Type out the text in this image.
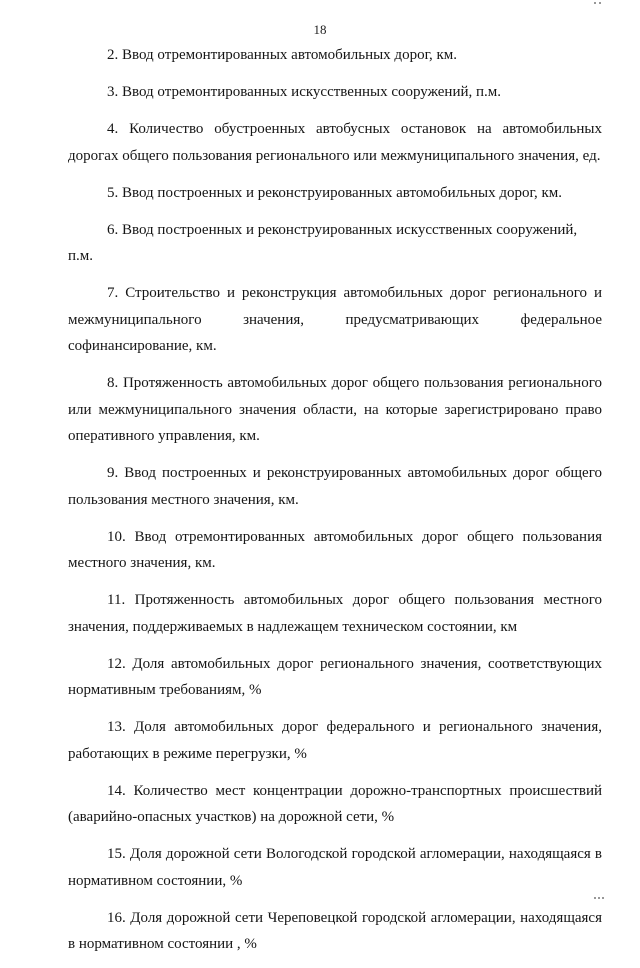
18

2. Ввод отремонтированных автомобильных дорог, км.

3. Ввод отремонтированных искусственных сооружений, п.м.

4. Количество обустроенных автобусных остановок на автомобильных дорогах общего пользования регионального или межмуниципального значения, ед.

5. Ввод построенных и реконструированных автомобильных дорог, км.

6. Ввод построенных и реконструированных искусственных сооружений, п.м.

7. Строительство и реконструкция автомобильных дорог регионального и межмуниципального значения, предусматривающих федеральное софинансирование, км.

8. Протяженность автомобильных дорог общего пользования регионального или межмуниципального значения области, на которые зарегистрировано право оперативного управления, км.

9. Ввод построенных и реконструированных автомобильных дорог общего пользования местного значения, км.

10. Ввод отремонтированных автомобильных дорог общего пользования местного значения, км.

11. Протяженность автомобильных дорог общего пользования местного значения, поддерживаемых в надлежащем техническом состоянии, км

12. Доля автомобильных дорог регионального значения, соответствующих нормативным требованиям, %

13. Доля автомобильных дорог федерального и регионального значения, работающих в режиме перегрузки, %

14. Количество мест концентрации дорожно-транспортных происшествий (аварийно-опасных участков) на дорожной сети, %

15. Доля дорожной сети Вологодской городской агломерации, находящаяся в нормативном состоянии, %

16. Доля дорожной сети Череповецкой городской агломерации, находящаяся в нормативном состоянии , %
